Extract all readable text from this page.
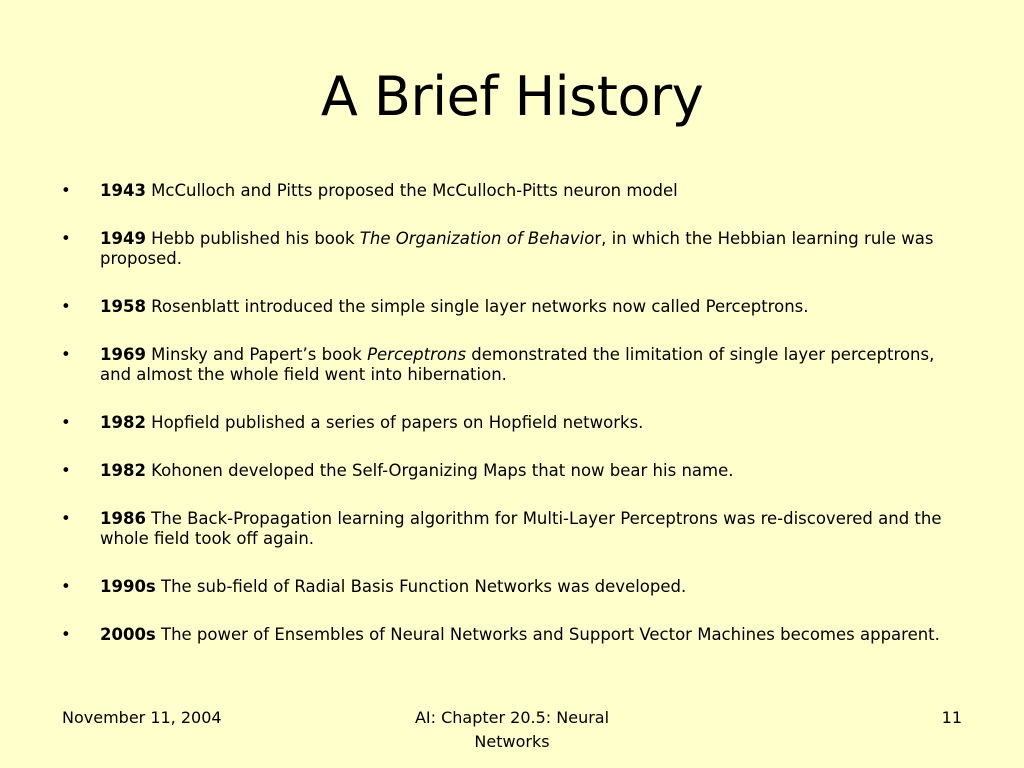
A Brief History
• 1943 McCulloch and Pitts proposed the McCulloch-Pitts neuron model
• 1949 Hebb published his book The Organization of Behavior, in which the Hebbian learning rule was proposed.
• 1958 Rosenblatt introduced the simple single layer networks now called Perceptrons.
• 1969 Minsky and Papert’s book Perceptrons demonstrated the limitation of single layer perceptrons, and almost the whole field went into hibernation.
• 1982 Hopfield published a series of papers on Hopfield networks.
• 1982 Kohonen developed the Self-Organizing Maps that now bear his name.
• 1986 The Back-Propagation learning algorithm for Multi-Layer Perceptrons was re-discovered and the whole field took off again.
• 1990s The sub-field of Radial Basis Function Networks was developed.
• 2000s The power of Ensembles of Neural Networks and Support Vector Machines becomes apparent.
November 11, 2004	AI: Chapter 20.5: Neural
Networks
11
